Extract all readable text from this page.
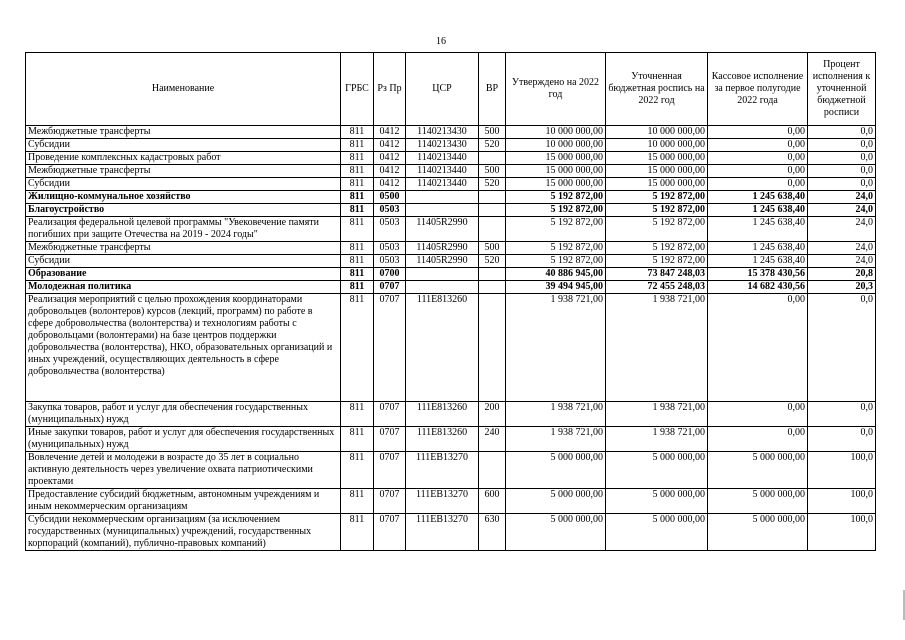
16
Наименование	ГРБС	Рз Пр	ЦСР	ВР	Утверждено на 2022 год	Уточненная бюджетная роспись на 2022 год	Кассовое исполнение за первое полугодие 2022 года	Процент исполнения к уточненной бюджетной росписи
Межбюджетные трансферты	811	0412	1140213430	500	10 000 000,00	10 000 000,00	0,00	0,0
Субсидии	811	0412	1140213430	520	10 000 000,00	10 000 000,00	0,00	0,0
Проведение комплексных кадастровых работ	811	0412	1140213440		15 000 000,00	15 000 000,00	0,00	0,0
Межбюджетные трансферты	811	0412	1140213440	500	15 000 000,00	15 000 000,00	0,00	0,0
Субсидии	811	0412	1140213440	520	15 000 000,00	15 000 000,00	0,00	0,0
Жилищно-коммунальное хозяйство	811	0500			5 192 872,00	5 192 872,00	1 245 638,40	24,0
Благоустройство	811	0503			5 192 872,00	5 192 872,00	1 245 638,40	24,0
Реализация федеральной целевой программы "Увековечение памяти погибших при защите Отечества на 2019 - 2024 годы"	811	0503	11405R2990		5 192 872,00	5 192 872,00	1 245 638,40	24,0
Межбюджетные трансферты	811	0503	11405R2990	500	5 192 872,00	5 192 872,00	1 245 638,40	24,0
Субсидии	811	0503	11405R2990	520	5 192 872,00	5 192 872,00	1 245 638,40	24,0
Образование	811	0700			40 886 945,00	73 847 248,03	15 378 430,56	20,8
Молодежная политика	811	0707			39 494 945,00	72 455 248,03	14 682 430,56	20,3
Реализация мероприятий с целью прохождения координаторами добровольцев (волонтеров) курсов (лекций, программ) по работе в сфере добровольчества (волонтерства) и технологиям работы с добровольцами (волонтерами) на базе центров поддержки добровольчества (волонтерства), НКО, образовательных организаций и иных учреждений, осуществляющих деятельность в сфере добровольчества (волонтерства)	811	0707	111E813260		1 938 721,00	1 938 721,00	0,00	0,0
Закупка товаров, работ и услуг для обеспечения государственных (муниципальных) нужд	811	0707	111E813260	200	1 938 721,00	1 938 721,00	0,00	0,0
Иные закупки товаров, работ и услуг для обеспечения государственных (муниципальных) нужд	811	0707	111E813260	240	1 938 721,00	1 938 721,00	0,00	0,0
Вовлечение детей и молодежи в возрасте до 35 лет в социально активную деятельность через увеличение охвата патриотическими проектами	811	0707	111EB13270		5 000 000,00	5 000 000,00	5 000 000,00	100,0
Предоставление субсидий бюджетным, автономным учреждениям и иным некоммерческим организациям	811	0707	111EB13270	600	5 000 000,00	5 000 000,00	5 000 000,00	100,0
Субсидии некоммерческим организациям (за исключением государственных (муниципальных) учреждений, государственных корпораций (компаний), публично-правовых компаний)	811	0707	111EB13270	630	5 000 000,00	5 000 000,00	5 000 000,00	100,0
